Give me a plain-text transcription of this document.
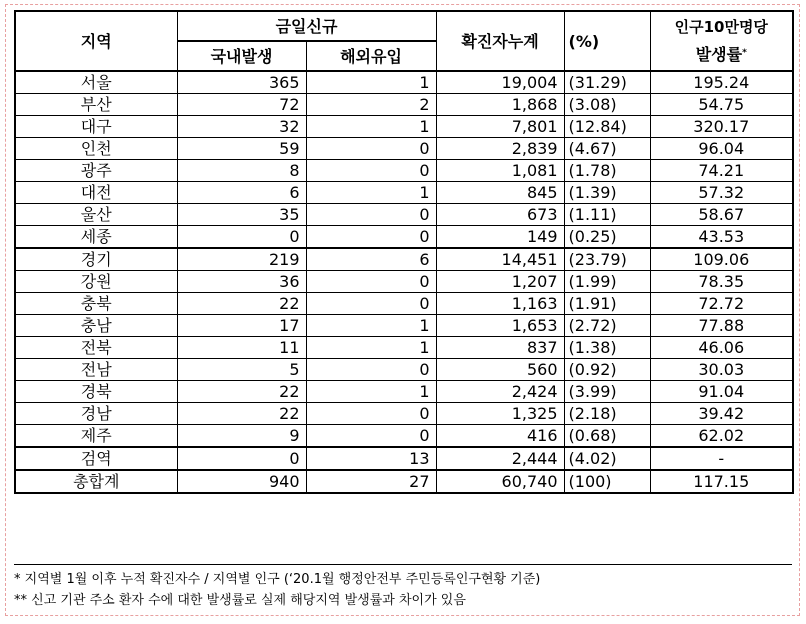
지역	금일신규		확진자누계	(%)	인구10만명당
발생률*

	국내발생	해외유입			
서울	365	1	19,004	(31.29)	195.24
부산	72	2	1,868	(3.08)	54.75
대구	32	1	7,801	(12.84)	320.17
인천	59	0	2,839	(4.67)	96.04
광주	8	0	1,081	(1.78)	74.21
대전	6	1	845	(1.39)	57.32
울산	35	0	673	(1.11)	58.67
세종	0	0	149	(0.25)	43.53
경기	219	6	14,451	(23.79)	109.06
강원	36	0	1,207	(1.99)	78.35
충북	22	0	1,163	(1.91)	72.72
충남	17	1	1,653	(2.72)	77.88
전북	11	1	837	(1.38)	46.06
전남	5	0	560	(0.92)	30.03
경북	22	1	2,424	(3.99)	91.04
경남	22	0	1,325	(2.18)	39.42
제주	9	0	416	(0.68)	62.02
검역	0	13	2,444	(4.02)	-
총합계	940	27	60,740	(100)	117.15
* 지역별 1월 이후 누적 확진자수 / 지역별 인구 (‘20.1월 행정안전부 주민등록인구현황 기준)
** 신고 기관 주소 환자 수에 대한 발생률로 실제 해당지역 발생률과 차이가 있음
